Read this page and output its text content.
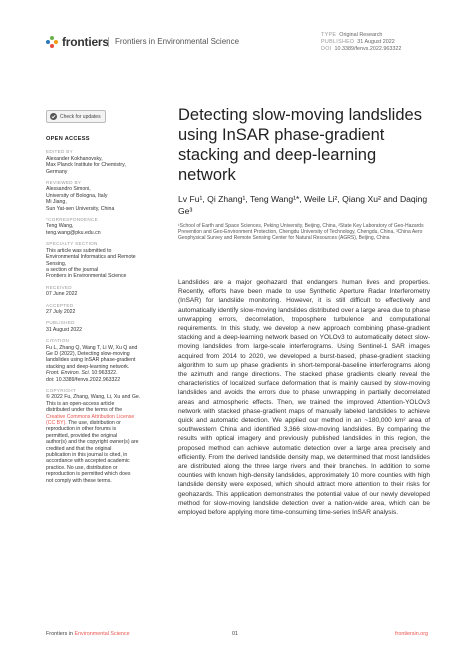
frontiers Frontiers in Environmental Science
TYPE Original Research
PUBLISHED 31 August 2022
DOI 10.3389/fenvs.2022.963322
Check for updates
OPEN ACCESS
EDITED BY
Alexander Kokhanovsky,
Max Planck Institute for Chemistry,
Germany
REVIEWED BY
Alessandro Simoni,
University of Bologna, Italy
Mi Jiang,
Sun Yat-sen University, China
*CORRESPONDENCE
Teng Wang,
teng.wang@pku.edu.cn
SPECIALTY SECTION
This article was submitted to
Environmental Informatics and Remote
Sensing,
a section of the journal
Frontiers in Environmental Science
RECEIVED
07 June 2022
ACCEPTED
27 July 2022
PUBLISHED
31 August 2022
CITATION
Fu L, Zhang Q, Wang T, Li W, Xu Q and
Ge D (2022), Detecting slow-moving
landslides using InSAR phase-gradient
stacking and deep-learning network.
Front. Environ. Sci. 10:963322.
doi: 10.3389/fenvs.2022.963322
COPYRIGHT
© 2022 Fu, Zhang, Wang, Li, Xu and Ge.
This is an open-access article
distributed under the terms of the
Creative Commons Attribution License
(CC BY). The use, distribution or
reproduction in other forums is
permitted, provided the original
author(s) and the copyright owner(s) are
credited and that the original
publication in this journal is cited, in
accordance with accepted academic
practice. No use, distribution or
reproduction is permitted which does
not comply with these terms.
Detecting slow-moving landslides using InSAR phase-gradient stacking and deep-learning network
Lv Fu¹, Qi Zhang¹, Teng Wang¹*, Weile Li², Qiang Xu² and Daqing Ge³
¹School of Earth and Space Sciences, Peking University, Beijing, China, ²State Key Laboratory of Geo-Hazards Prevention and Geo-Environment Protection, Chengdu University of Technology, Chengdu, China, ³China Aero Geophysical Survey and Remote Sensing Center for Natural Resources (AGRS), Beijing, China
Landslides are a major geohazard that endangers human lives and properties. Recently, efforts have been made to use Synthetic Aperture Radar Interferometry (InSAR) for landslide monitoring. However, it is still difficult to effectively and automatically identify slow-moving landslides distributed over a large area due to phase unwrapping errors, decorrelation, troposphere turbulence and computational requirements. In this study, we develop a new approach combining phase-gradient stacking and a deep-learning network based on YOLOv3 to automatically detect slow-moving landslides from large-scale interferograms. Using Sentinel-1 SAR images acquired from 2014 to 2020, we developed a burst-based, phase-gradient stacking algorithm to sum up phase gradients in short-temporal-baseline interferograms along the azimuth and range directions. The stacked phase gradients clearly reveal the characteristics of localized surface deformation that is mainly caused by slow-moving landslides and avoids the errors due to phase unwrapping in partially decorrelated areas and atmospheric effects. Then, we trained the improved Attention-YOLOv3 network with stacked phase-gradient maps of manually labeled landslides to achieve quick and automatic detection. We applied our method in an ~180,000 km² area of southwestern China and identified 3,366 slow-moving landslides. By comparing the results with optical imagery and previously published landslides in this region, the proposed method can achieve automatic detection over a large area precisely and efficiently. From the derived landslide density map, we determined that most landslides are distributed along the three large rivers and their branches. In addition to some counties with known high-density landslides, approximately 10 more counties with high landslide density were exposed, which should attract more attention to their risks for geohazards. This application demonstrates the potential value of our newly developed method for slow-moving landslide detection over a nation-wide area, which can be employed before applying more time-consuming time-series InSAR analysis.
Frontiers in Environmental Science	01	frontiersin.org
